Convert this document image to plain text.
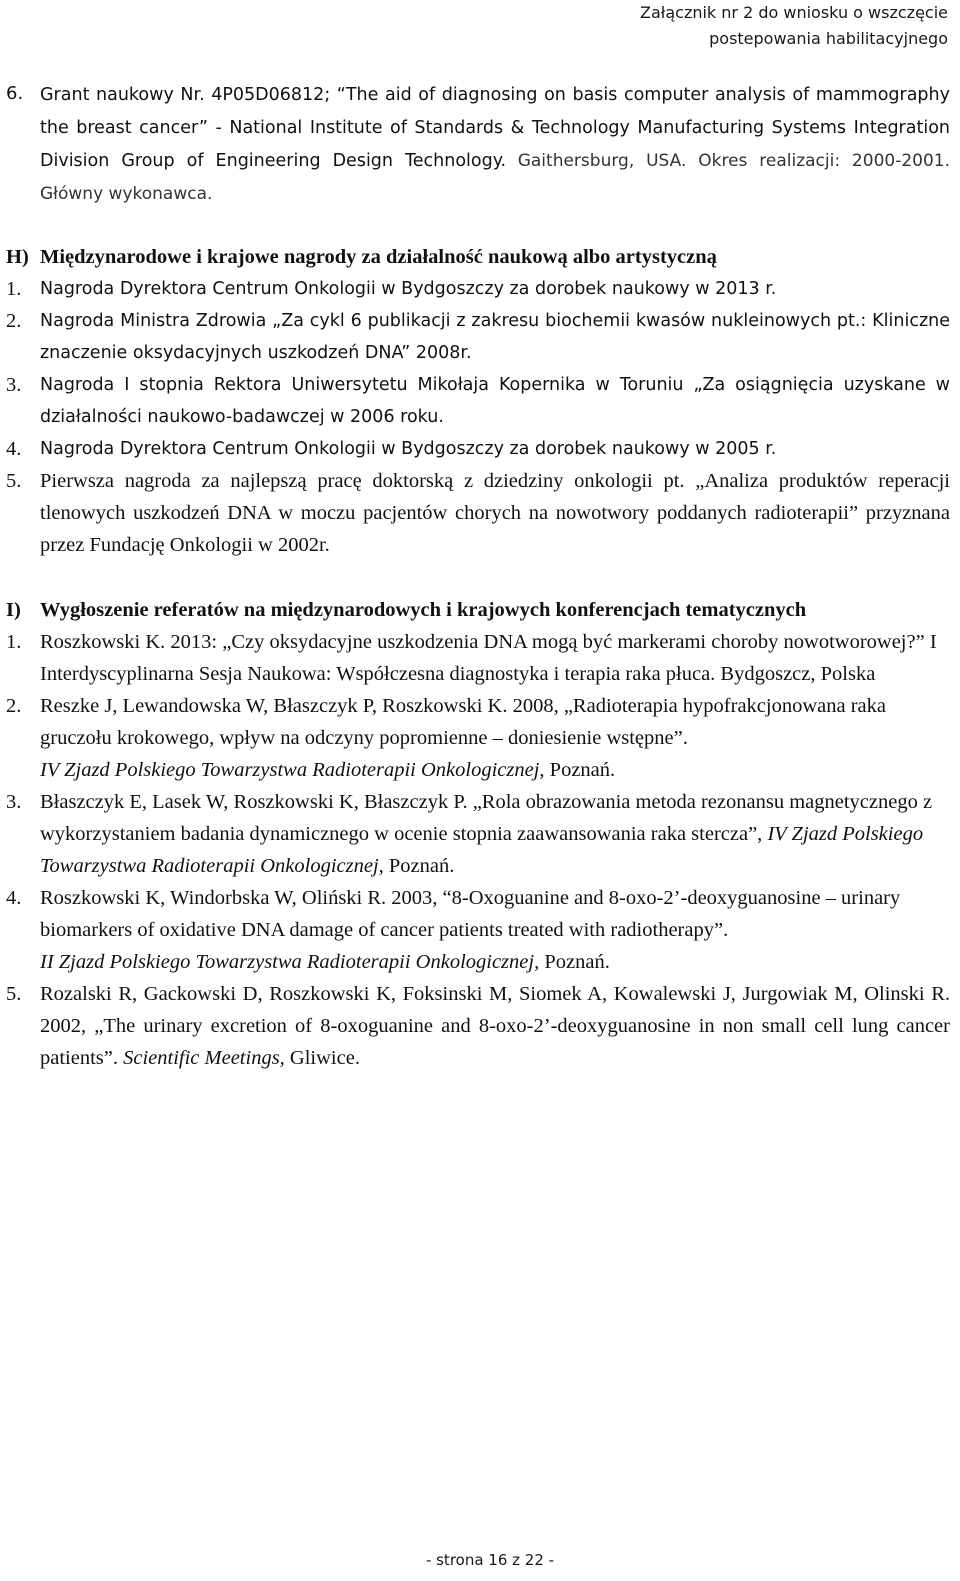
Załącznik nr 2 do wniosku o wszczęcie
postepowania habilitacyjnego
6. Grant naukowy Nr. 4P05D06812; “The aid of diagnosing on basis computer analysis of mammography the breast cancer” - National Institute of Standards & Technology Manufacturing Systems Integration Division Group of Engineering Design Technology. Gaithersburg, USA. Okres realizacji: 2000-2001. Główny wykonawca.
H) Międzynarodowe i krajowe nagrody za działalność naukową albo artystyczną
1.	Nagroda Dyrektora Centrum Onkologii w Bydgoszczy za dorobek naukowy w 2013 r.
2.	Nagroda Ministra Zdrowia „Za cykl 6 publikacji z zakresu biochemii kwasów nukleinowych pt.: Kliniczne znaczenie oksydacyjnych uszkodzeń DNA” 2008r.
3.	Nagroda I stopnia Rektora Uniwersytetu Mikołaja Kopernika w Toruniu „Za osiągnięcia uzyskane w działalności naukowo-badawczej w 2006 roku.
4.	Nagroda Dyrektora Centrum Onkologii w Bydgoszczy za dorobek naukowy w 2005 r.
5. Pierwsza nagroda za najlepszą pracę doktorską z dziedziny onkologii pt. „Analiza produktów reperacji tlenowych uszkodzeń DNA w moczu pacjentów chorych na nowotwory poddanych radioterapii” przyznana przez Fundację Onkologii w 2002r.
I) Wygłoszenie referatów na międzynarodowych i krajowych konferencjach tematycznych
1. Roszkowski K. 2013: „Czy oksydacyjne uszkodzenia DNA mogą być markerami choroby nowotworowej?” I Interdyscyplinarna Sesja Naukowa: Współczesna diagnostyka i terapia raka płuca. Bydgoszcz, Polska
2. Reszke J, Lewandowska W, Błaszczyk P, Roszkowski K. 2008, „Radioterapia hypofrakcjonowana raka gruczołu krokowego, wpływ na odczyny popromienne – doniesienie wstępne”.
IV Zjazd Polskiego Towarzystwa Radioterapii Onkologicznej, Poznań.
3. Błaszczyk E, Lasek W, Roszkowski K, Błaszczyk P. „Rola obrazowania metoda rezonansu magnetycznego z wykorzystaniem badania dynamicznego w ocenie stopnia zaawansowania raka stercza”, IV Zjazd Polskiego Towarzystwa Radioterapii Onkologicznej, Poznań.
4. Roszkowski K, Windorbska W, Oliński R. 2003, “8-Oxoguanine and 8-oxo-2’-deoxyguanosine – urinary biomarkers of oxidative DNA damage of cancer patients treated with radiotherapy”.
II Zjazd Polskiego Towarzystwa Radioterapii Onkologicznej, Poznań.
5. Rozalski R, Gackowski D, Roszkowski K, Foksinski M, Siomek A, Kowalewski J, Jurgowiak M, Olinski R. 2002, „The urinary excretion of 8-oxoguanine and 8-oxo-2’-deoxyguanosine in non small cell lung cancer patients”. Scientific Meetings, Gliwice.
- strona 16 z 22 -
